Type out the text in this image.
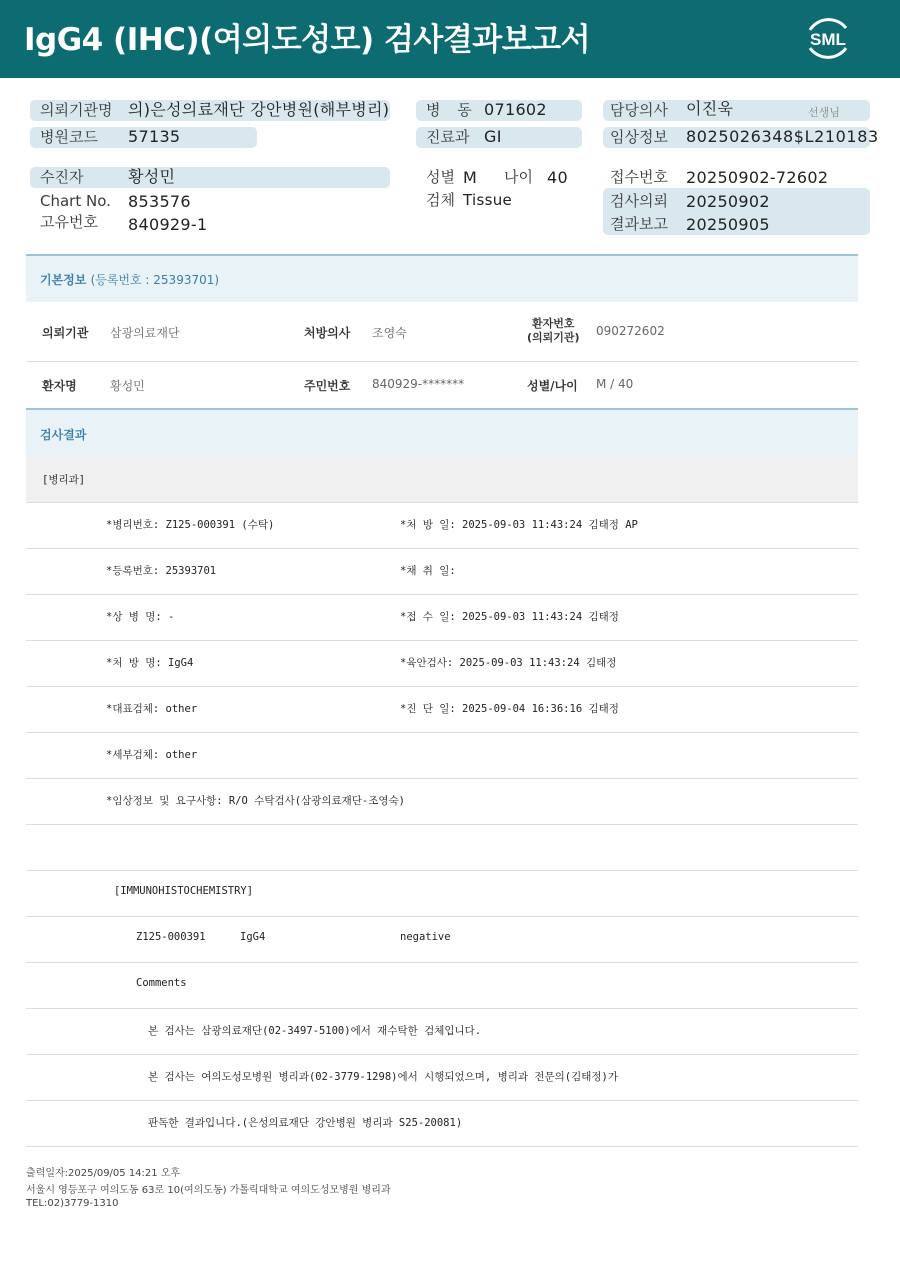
IgG4 (IHC)(여의도성모) 검사결과보고서	SML
의뢰기관명 의)은성의료재단 강안병원(해부병리)
병원코드 57135
병 동 071602
진료과 GI
담당의사 이진욱	선생님
임상정보 8025026348$L210183
수진자	황성민
Chart No. 853576
고유번호 840929-1
성별 M 나이 40
검체 Tissue
접수번호 20250902-72602
검사의뢰 20250902
결과보고 20250905
기본정보 (등록번호 : 25393701)
의뢰기관 삼광의료재단	처방의사 조영숙
환자번호
(의뢰기관) 090272602
환자명	황성민	주민번호 840929-*******	성별/나이 M / 40
검사결과
[병리과]
*병리번호: Z125-000391 (수탁)	*처 방 일: 2025-09-03 11:43:24 김태정 AP
*등록번호: 25393701	*채 취 일:
*상 병 명: -	*접 수 일: 2025-09-03 11:43:24 김태정
*처 방 명: IgG4	*육안검사: 2025-09-03 11:43:24 김태정
*대표검체: other	*진 단 일: 2025-09-04 16:36:16 김태정
*세부검체: other
*임상정보 및 요구사항: R/O 수탁검사(삼광의료재단-조영숙)
[IMMUNOHISTOCHEMISTRY]
Z125-000391	IgG4	negative
Comments
본 검사는 삼광의료재단(02-3497-5100)에서 재수탁한 검체입니다.
본 검사는 여의도성모병원 병리과(02-3779-1298)에서 시행되었으며, 병리과 전문의(김태정)가
판독한 결과입니다.(은성의료재단 강안병원 병리과 S25-20081)
출력일자:2025/09/05 14:21 오후
서울시 영등포구 여의도동 63로 10(여의도동) 가톨릭대학교 여의도성모병원 병리과
TEL:02)3779-1310
